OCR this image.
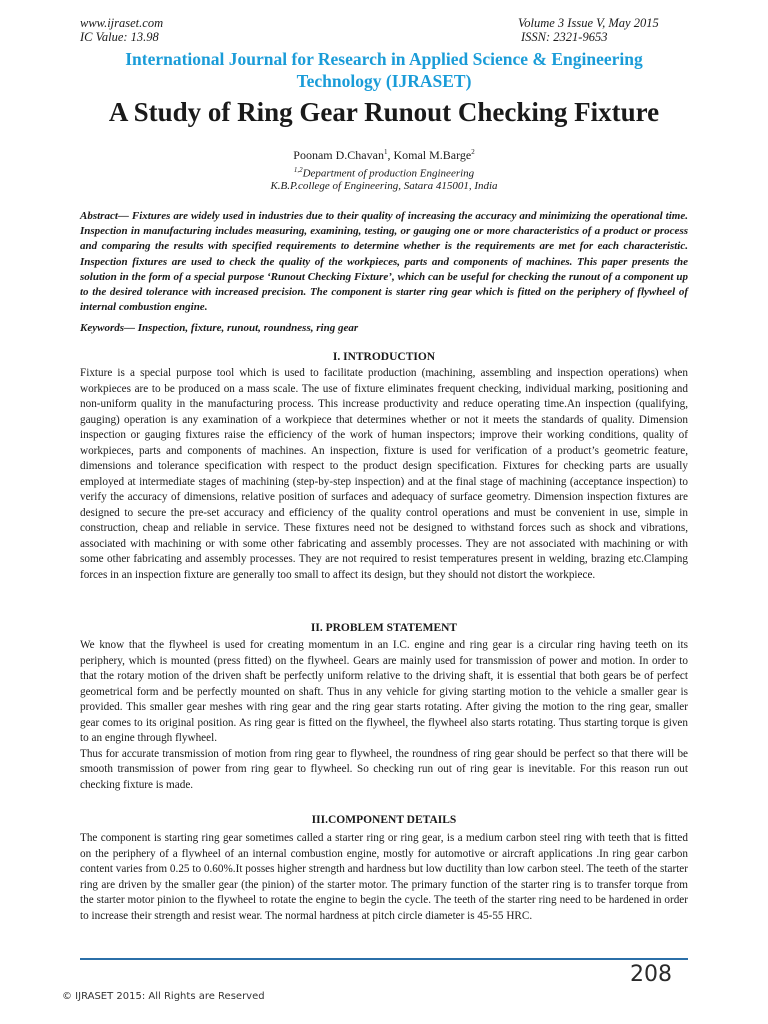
www.ijraset.com
IC Value: 13.98
Volume 3 Issue V, May 2015
ISSN: 2321-9653
International Journal for Research in Applied Science & Engineering
Technology (IJRASET)
A Study of Ring Gear Runout Checking Fixture
Poonam D.Chavan$^1$, Komal M.Barge$^2$
$^{1,2}$Department of production Engineering
K.B.P.college of Engineering, Satara 415001, India
Abstract— Fixtures are widely used in industries due to their quality of increasing the accuracy and minimizing the operational time. Inspection in manufacturing includes measuring, examining, testing, or gauging one or more characteristics of a product or process and comparing the results with specified requirements to determine whether is the requirements are met for each characteristic. Inspection fixtures are used to check the quality of the workpieces, parts and components of machines. This paper presents the solution in the form of a special purpose ‘Runout Checking Fixture’, which can be useful for checking the runout of a component up to the desired tolerance with increased precision. The component is starter ring gear which is fitted on the periphery of flywheel of internal combustion engine.
Keywords— Inspection, fixture, runout, roundness, ring gear
I. INTRODUCTION
Fixture is a special purpose tool which is used to facilitate production (machining, assembling and inspection operations) when workpieces are to be produced on a mass scale. The use of fixture eliminates frequent checking, individual marking, positioning and non-uniform quality in the manufacturing process. This increase productivity and reduce operating time.An inspection (qualifying, gauging) operation is any examination of a workpiece that determines whether or not it meets the standards of quality. Dimension inspection or gauging fixtures raise the efficiency of the work of human inspectors; improve their working conditions, quality of workpieces, parts and components of machines. An inspection, fixture is used for verification of a product’s geometric feature, dimensions and tolerance specification with respect to the product design specification. Fixtures for checking parts are usually employed at intermediate stages of machining (step-by-step inspection) and at the final stage of machining (acceptance inspection) to verify the accuracy of dimensions, relative position of surfaces and adequacy of surface geometry. Dimension inspection fixtures are designed to secure the pre-set accuracy and efficiency of the quality control operations and must be convenient in use, simple in construction, cheap and reliable in service. These fixtures need not be designed to withstand forces such as shock and vibrations, associated with machining or with some other fabricating and assembly processes. They are not associated with machining or with some other fabricating and assembly processes. They are not required to resist temperatures present in welding, brazing etc.Clamping forces in an inspection fixture are generally too small to affect its design, but they should not distort the workpiece.
II. PROBLEM STATEMENT

We know that the flywheel is used for creating momentum in an I.C. engine and ring gear is a circular ring having teeth on its periphery, which is mounted (press fitted) on the flywheel. Gears are mainly used for transmission of power and motion. In order to that the rotary motion of the driven shaft be perfectly uniform relative to the driving shaft, it is essential that both gears be of perfect geometrical form and be perfectly mounted on shaft. Thus in any vehicle for giving starting motion to the vehicle a smaller gear is provided. This smaller gear meshes with ring gear and the ring gear starts rotating. After giving the motion to the ring gear, smaller gear comes to its original position. As ring gear is fitted on the flywheel, the flywheel also starts rotating. Thus starting torque is given to an engine through flywheel.

Thus for accurate transmission of motion from ring gear to flywheel, the roundness of ring gear should be perfect so that there will be smooth transmission of power from ring gear to flywheel. So checking run out of ring gear is inevitable. For this reason run out checking fixture is made.

III.COMPONENT DETAILS
The component is starting ring gear sometimes called a starter ring or ring gear, is a medium carbon steel ring with teeth that is fitted on the periphery of a flywheel of an internal combustion engine, mostly for automotive or aircraft applications .In ring gear carbon content varies from 0.25 to 0.60%.It posses higher strength and hardness but low ductility than low carbon steel. The teeth of the starter ring are driven by the smaller gear (the pinion) of the starter motor. The primary function of the starter ring is to transfer torque from the starter motor pinion to the flywheel to rotate the engine to begin the cycle. The teeth of the starter ring need to be hardened in order to increase their strength and resist wear. The normal hardness at pitch circle diameter is 45-55 HRC.
208
© IJRASET 2015: All Rights are Reserved
